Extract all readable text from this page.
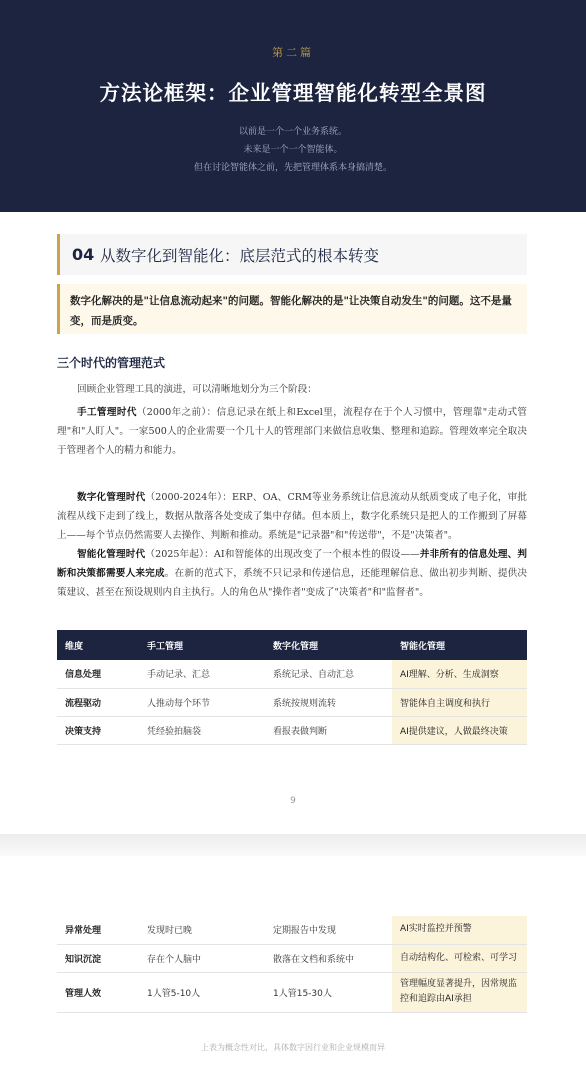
第二篇
方法论框架：企业管理智能化转型全景图
以前是一个一个业务系统。
未来是一个一个智能体。
但在讨论智能体之前，先把管理体系本身搞清楚。
04 从数字化到智能化：底层范式的根本转变
数字化解决的是"让信息流动起来"的问题。智能化解决的是"让决策自动发生"的问题。这不是量变，而是质变。
三个时代的管理范式

回顾企业管理工具的演进，可以清晰地划分为三个阶段：

手工管理时代（2000年之前）：信息记录在纸上和Excel里，流程存在于个人习惯中，管理靠"走动式管理"和"人盯人"。一家500人的企业需要一个几十人的管理部门来做信息收集、整理和追踪。管理效率完全取决于管理者个人的精力和能力。

数字化管理时代（2000-2024年）：ERP、OA、CRM等业务系统让信息流动从纸质变成了电子化，审批流程从线下走到了线上，数据从散落各处变成了集中存储。但本质上，数字化系统只是把人的工作搬到了屏幕上——每个节点仍然需要人去操作、判断和推动。系统是"记录器"和"传送带"，不是"决策者"。

智能化管理时代（2025年起）：AI和智能体的出现改变了一个根本性的假设——并非所有的信息处理、判断和决策都需要人来完成。在新的范式下，系统不只记录和传递信息，还能理解信息、做出初步判断、提供决策建议、甚至在预设规则内自主执行。人的角色从"操作者"变成了"决策者"和"监督者"。

维度	手工管理	数字化管理	智能化管理
信息处理	手动记录、汇总	系统记录、自动汇总	AI理解、分析、生成洞察
流程驱动	人推动每个环节	系统按规则流转	智能体自主调度和执行
决策支持	凭经验拍脑袋	看报表做判断	AI提供建议，人做最终决策
9
异常处理	发现时已晚	定期报告中发现	AI实时监控并预警
知识沉淀	存在个人脑中	散落在文档和系统中	自动结构化、可检索、可学习
管理人效	1人管5-10人	1人管15-30人	管理幅度显著提升，因常规监控和追踪由AI承担
上表为概念性对比，具体数字因行业和企业规模而异
